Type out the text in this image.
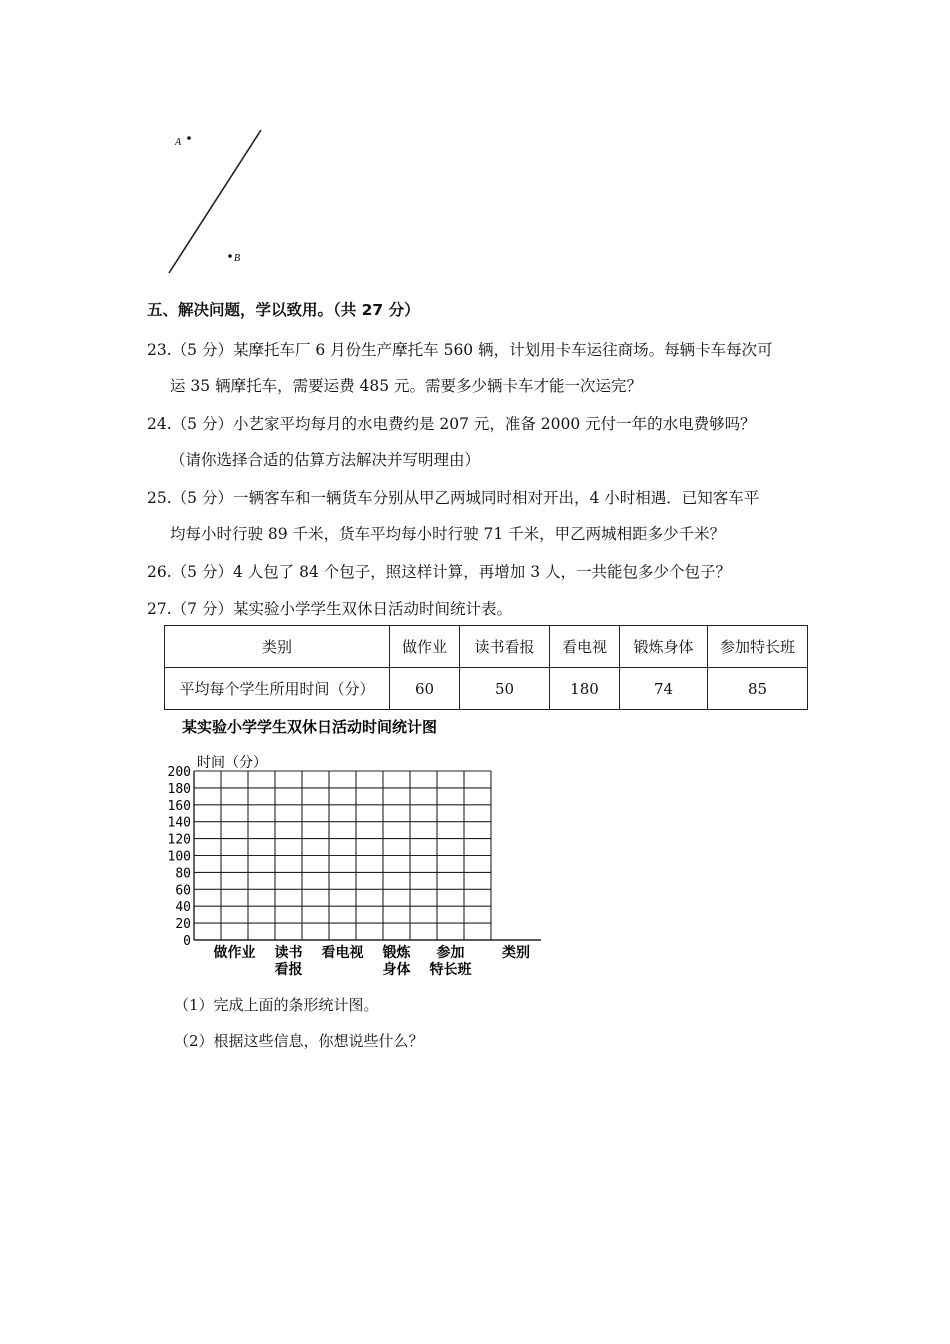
A
B
五、解决问题，学以致用。（共 27 分）
23.（5 分）某摩托车厂 6 月份生产摩托车 560 辆，计划用卡车运往商场。每辆卡车每次可
运 35 辆摩托车，需要运费 485 元。需要多少辆卡车才能一次运完？
24.（5 分）小艺家平均每月的水电费约是 207 元，准备 2000 元付一年的水电费够吗？
（请你选择合适的估算方法解决并写明理由）
25.（5 分）一辆客车和一辆货车分别从甲乙两城同时相对开出，4 小时相遇．已知客车平
均每小时行驶 89 千米，货车平均每小时行驶 71 千米，甲乙两城相距多少千米？
26.（5 分）4 人包了 84 个包子，照这样计算，再增加 3 人，一共能包多少个包子？
27.（7 分）某实验小学学生双休日活动时间统计表。
类别	做作业	读书看报	看电视	锻炼身体	参加特长班
平均每个学生所用时间（分）	60	50	180	74	85
某实验小学学生双休日活动时间统计图
0
20
40
60
80
100
120
140
160
180
200
时间（分）
类别
做作业 读书
看报
看电视 锻炼
身体
参加
特长班
（1）完成上面的条形统计图。
（2）根据这些信息，你想说些什么？
